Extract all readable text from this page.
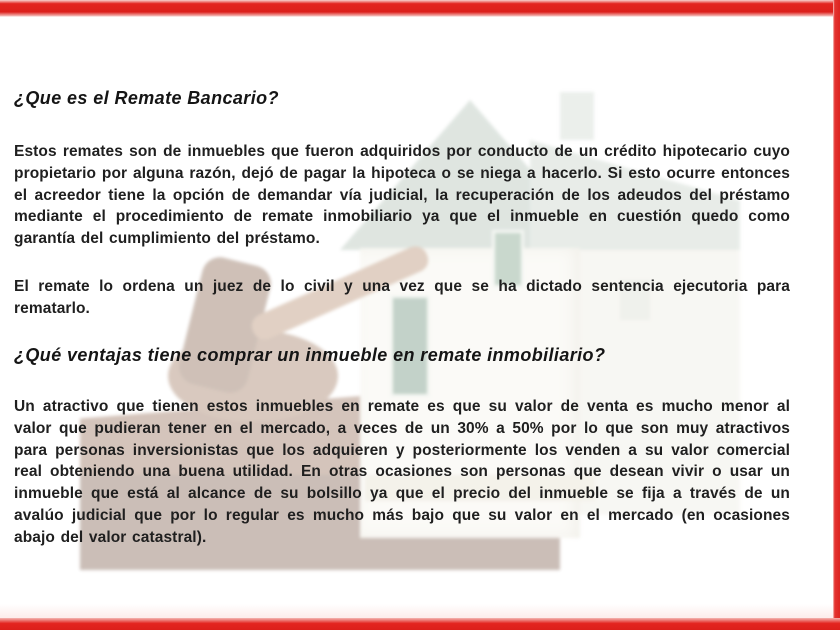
¿Que es el Remate Bancario?

Estos remates son de inmuebles que fueron adquiridos por conducto de un crédito hipotecario cuyo propietario por alguna razón, dejó de pagar la hipoteca o se niega a hacerlo. Si esto ocurre entonces el acreedor tiene la opción de demandar vía judicial, la recuperación de los adeudos del préstamo mediante el procedimiento de remate inmobiliario ya que el inmueble en cuestión quedo como garantía del cumplimiento del préstamo.

El remate lo ordena un juez de lo civil y una vez que se ha dictado sentencia ejecutoria para rematarlo.

¿Qué ventajas tiene comprar un inmueble en remate inmobiliario?

Un atractivo que tienen estos inmuebles en remate es que su valor de venta es mucho menor al valor que pudieran tener en el mercado, a veces de un 30% a 50% por lo que son muy atractivos para personas inversionistas que los adquieren y posteriormente los venden a su valor comercial real obteniendo una buena utilidad. En otras ocasiones son personas que desean vivir o usar un inmueble que está al alcance de su bolsillo ya que el precio del inmueble se fija a través de un avalúo judicial que por lo regular es mucho más bajo que su valor en el mercado (en ocasiones abajo del valor catastral).
